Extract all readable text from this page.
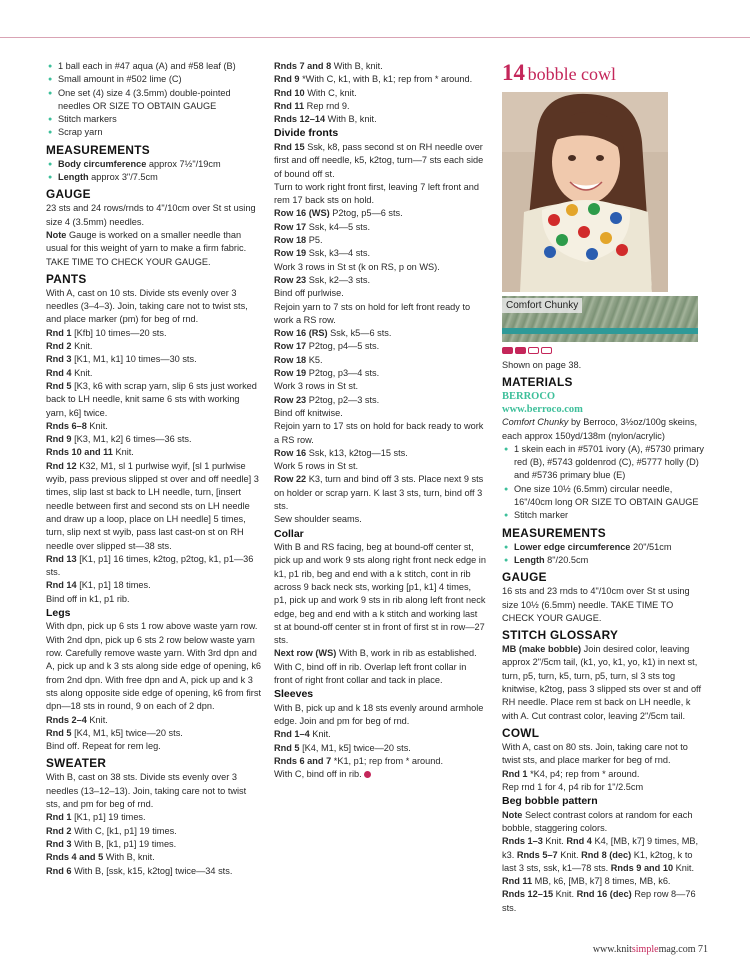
● 1 ball each in #47 aqua (A) and #58 leaf (B)
● Small amount in #502 lime (C)
● One set (4) size 4 (3.5mm) double-pointed needles OR SIZE TO OBTAIN GAUGE
● Stitch markers
● Scrap yarn
MEASUREMENTS
● Body circumference approx 7½"/19cm
● Length approx 3"/7.5cm
GAUGE

23 sts and 24 rows/rnds to 4"/10cm over St st using size 4 (3.5mm) needles.

Note Gauge is worked on a smaller needle than usual for this weight of yarn to make a firm fabric. TAKE TIME TO CHECK YOUR GAUGE.

PANTS

With A, cast on 10 sts. Divide sts evenly over 3 needles (3–4–3). Join, taking care not to twist sts, and place marker (pm) for beg of rnd.

Rnd 1 [Kfb] 10 times—20 sts.

Rnd 2 Knit.

Rnd 3 [K1, M1, k1] 10 times—30 sts.

Rnd 4 Knit.

Rnd 5 [K3, k6 with scrap yarn, slip 6 sts just worked back to LH needle, knit same 6 sts with working yarn, k6] twice.

Rnds 6–8 Knit.

Rnd 9 [K3, M1, k2] 6 times—36 sts.

Rnds 10 and 11 Knit.

Rnd 12 K32, M1, sl 1 purlwise wyif, [sl 1 purlwise wyib, pass previous slipped st over and off needle] 3 times, slip last st back to LH needle, turn, [insert needle between first and second sts on LH needle and draw up a loop, place on LH needle] 5 times, turn, slip next st wyib, pass last cast-on st on RH needle over slipped st—38 sts.

Rnd 13 [K1, p1] 16 times, k2tog, p2tog, k1, p1—36 sts.

Rnd 14 [K1, p1] 18 times.

Bind off in k1, p1 rib.

Legs

With dpn, pick up 6 sts 1 row above waste yarn row. With 2nd dpn, pick up 6 sts 2 row below waste yarn row. Carefully remove waste yarn. With 3rd dpn and A, pick up and k 3 sts along side edge of opening, k6 from 2nd dpn. With free dpn and A, pick up and k 3 sts along opposite side edge of opening, k6 from first dpn—18 sts in round, 9 on each of 2 dpn.

Rnds 2–4 Knit.

Rnd 5 [K4, M1, k5] twice—20 sts.

Bind off. Repeat for rem leg.

SWEATER

With B, cast on 38 sts. Divide sts evenly over 3 needles (13–12–13). Join, taking care not to twist sts, and pm for beg of rnd.

Rnd 1 [K1, p1] 19 times.

Rnd 2 With C, [k1, p1] 19 times.

Rnd 3 With B, [k1, p1] 19 times.

Rnds 4 and 5 With B, knit.

Rnd 6 With B, [ssk, k15, k2tog] twice—34 sts.

Rnds 7 and 8 With B, knit.

Rnd 9 *With C, k1, with B, k1; rep from * around.

Rnd 10 With C, knit.

Rnd 11 Rep rnd 9.

Rnds 12–14 With B, knit.

Divide fronts

Rnd 15 Ssk, k8, pass second st on RH needle over first and off needle, k5, k2tog, turn—7 sts each side of bound off st.

Turn to work right front first, leaving 7 left front and rem 17 back sts on hold.

Row 16 (WS) P2tog, p5—6 sts.

Row 17 Ssk, k4—5 sts.

Row 18 P5.

Row 19 Ssk, k3—4 sts.

Work 3 rows in St st (k on RS, p on WS).

Row 23 Ssk, k2—3 sts.

Bind off purlwise.

Rejoin yarn to 7 sts on hold for left front ready to work a RS row.

Row 16 (RS) Ssk, k5—6 sts.

Row 17 P2tog, p4—5 sts.

Row 18 K5.

Row 19 P2tog, p3—4 sts.

Work 3 rows in St st.

Row 23 P2tog, p2—3 sts.

Bind off knitwise.

Rejoin yarn to 17 sts on hold for back ready to work a RS row.

Row 16 Ssk, k13, k2tog—15 sts.

Work 5 rows in St st.

Row 22 K3, turn and bind off 3 sts. Place next 9 sts on holder or scrap yarn. K last 3 sts, turn, bind off 3 sts.

Sew shoulder seams.

Collar

With B and RS facing, beg at bound-off center st, pick up and work 9 sts along right front neck edge in k1, p1 rib, beg and end with a k stitch, cont in rib across 9 back neck sts, working [p1, k1] 4 times, p1, pick up and work 9 sts in rib along left front neck edge, beg and end with a k stitch and working last st at bound-off center st in front of first st in row—27 sts.

Next row (WS) With B, work in rib as established.

With C, bind off in rib. Overlap left front collar in front of right front collar and tack in place.

Sleeves

With B, pick up and k 18 sts evenly around armhole edge. Join and pm for beg of rnd.

Rnd 1–4 Knit.

Rnd 5 [K4, M1, k5] twice—20 sts.

Rnds 6 and 7 *K1, p1; rep from * around.

With C, bind off in rib.

14 bobble cowl
Comfort Chunky

Shown on page 38.

MATERIALS
BERROCO
www.berroco.com

Comfort Chunky by Berroco, 3½oz/100g skeins, each approx 150yd/138m (nylon/acrylic)

● 1 skein each in #5701 ivory (A), #5730 primary red (B), #5743 goldenrod (C), #5777 holly (D) and #5736 primary blue (E)
● One size 10½ (6.5mm) circular needle, 16"/40cm long OR SIZE TO OBTAIN GAUGE
● Stitch marker
MEASUREMENTS
● Lower edge circumference 20"/51cm
● Length 8"/20.5cm
GAUGE

16 sts and 23 rnds to 4"/10cm over St st using size 10½ (6.5mm) needle. TAKE TIME TO CHECK YOUR GAUGE.

STITCH GLOSSARY

MB (make bobble) Join desired color, leaving approx 2"/5cm tail, (k1, yo, k1, yo, k1) in next st, turn, p5, turn, k5, turn, p5, turn, sl 3 sts tog knitwise, k2tog, pass 3 slipped sts over st and off RH needle. Place rem st back on LH needle, k with A. Cut contrast color, leaving 2"/5cm tail.

COWL

With A, cast on 80 sts. Join, taking care not to twist sts, and place marker for beg of rnd.

Rnd 1 *K4, p4; rep from * around.

Rep rnd 1 for 4, p4 rib for 1"/2.5cm

Beg bobble pattern

Note Select contrast colors at random for each bobble, staggering colors.

Rnds 1–3 Knit. Rnd 4 K4, [MB, k7] 9 times, MB, k3. Rnds 5–7 Knit. Rnd 8 (dec) K1, k2tog, k to last 3 sts, ssk, k1—78 sts. Rnds 9 and 10 Knit.

Rnd 11 MB, k6, [MB, k7] 8 times, MB, k6.

Rnds 12–15 Knit. Rnd 16 (dec) Rep row 8—76 sts.

www.knitsimplemag.com 71
